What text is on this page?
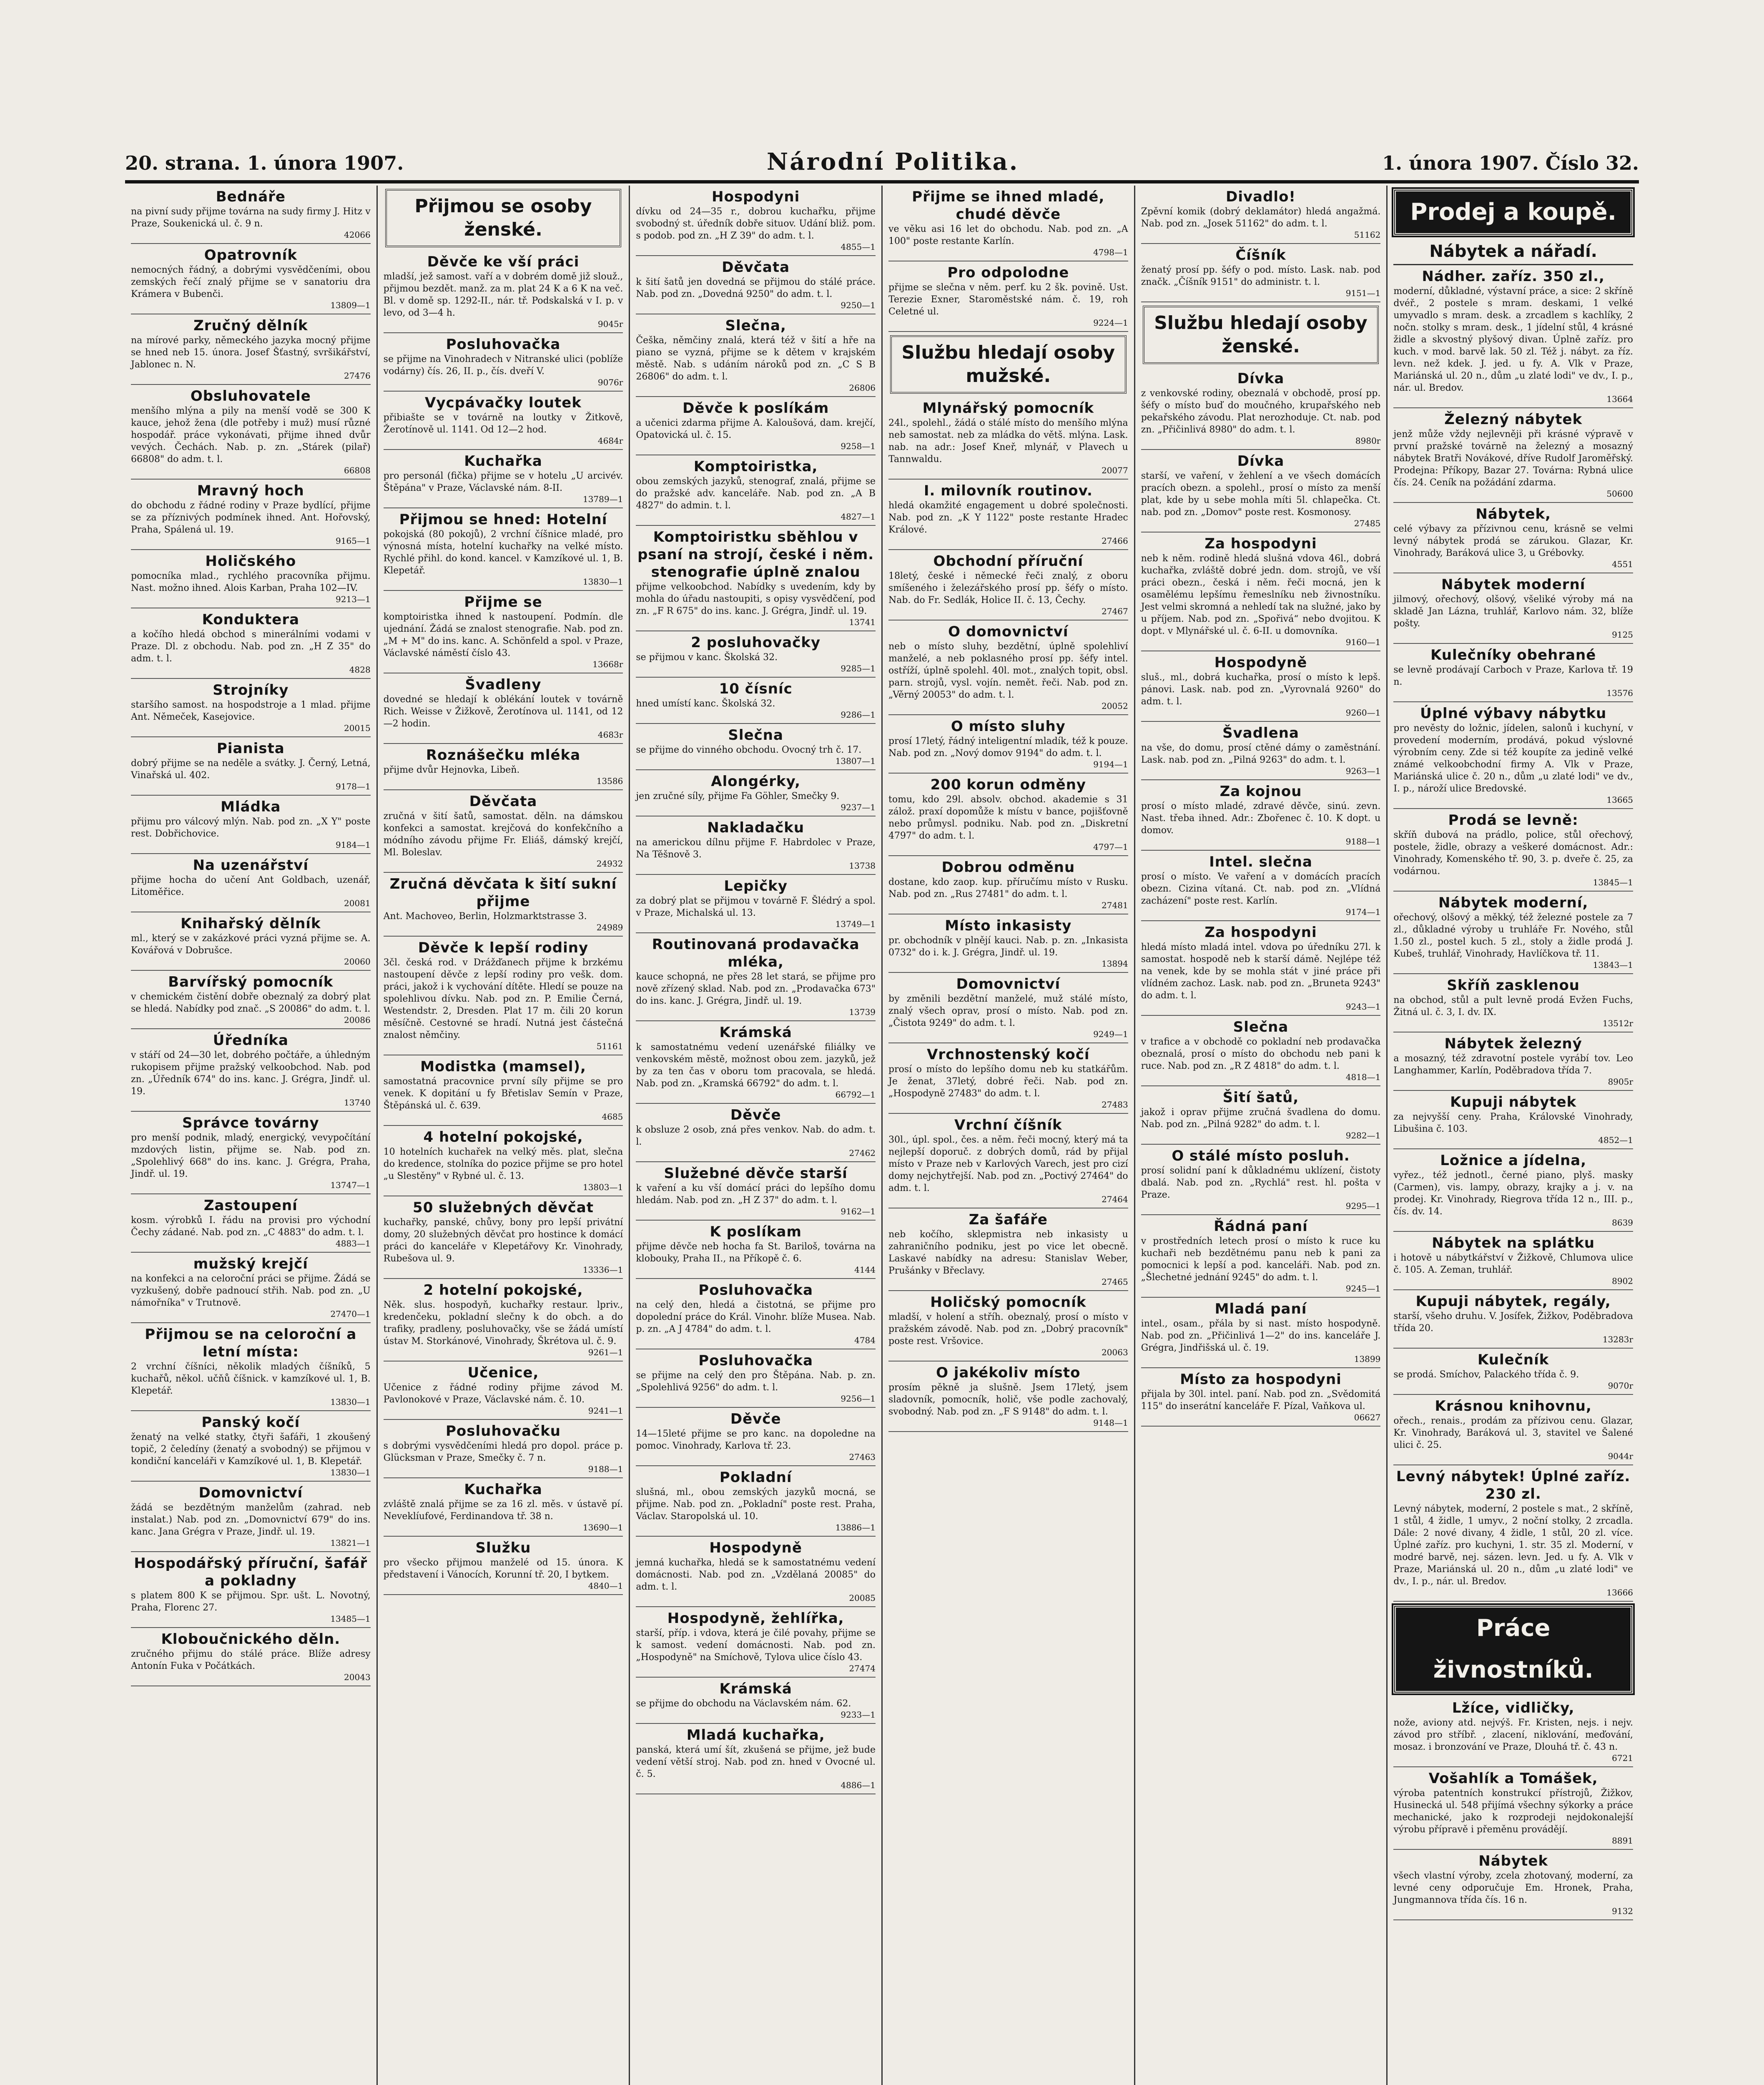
20. strana. 1. února 1907.	Národní Politika.	1. února 1907. Číslo 32.
Bednáře
na pivní sudy přijme továrna na sudy firmy J. Hitz v Praze, Soukenická ul. č. 9 n.
42066
Opatrovník
nemocných řádný, a dobrými vysvědčeními, obou zemských řečí znalý přijme se v sanatoriu dra Krámera v Bubenči.
13809—1
Zručný dělník
na mírové parky, německého jazyka mocný přijme se hned neb 15. února. Josef Šťastný, svršikářství, Jablonec n. N.
27476
Obsluhovatele
menšího mlýna a pily na menší vodě se 300 K kauce, jehož žena (dle potřeby i muž) musí různé hospodář. práce vykonávati, přijme ihned dvůr vevých. Čechách. Nab. p. zn. „Stárek (pilař) 66808" do adm. t. l.
66808
Mravný hoch
do obchodu z řádné rodiny v Praze bydlící, přijme se za příznivých podmínek ihned. Ant. Hořovský, Praha, Spálená ul. 19.
9165—1
Holičského
pomocníka mlad., rychlého pracovníka přijmu. Nast. možno ihned. Alois Karban, Praha 102—IV.
9213—1
Konduktera
a kočího hledá obchod s minerálními vodami v Praze. Dl. z obchodu. Nab. pod zn. „H Z 35" do adm. t. l.
4828
Strojníky
staršího samost. na hospodstroje a 1 mlad. přijme Ant. Němeček, Kasejovice.
20015
Pianista
dobrý přijme se na neděle a svátky. J. Černý, Letná, Vinařská ul. 402.
9178—1
Mládka
přijmu pro válcový mlýn. Nab. pod zn. „X Y" poste rest. Dobřichovice.
9184—1
Na uzenářství
přijme hocha do učení Ant Goldbach, uzenář, Litoměřice.
20081
Knihařský dělník
ml., který se v zakázkové práci vyzná přijme se. A. Kovářová v Dobrušce.
20060
Barvířský pomocník
v chemickém čistění dobře obeznalý za dobrý plat se hledá. Nabídky pod znač. „S 20086" do adm. t. l.
20086
Úředníka
v stáří od 24—30 let, dobrého počtáře, a úhledným rukopisem přijme pražský velkoobchod. Nab. pod zn. „Úředník 674" do ins. kanc. J. Grégra, Jindř. ul. 19.
13740
Správce továrny
pro menší podnik, mladý, energický, vevypočítání mzdových listin, přijme se. Nab. pod zn. „Spolehlivý 668" do ins. kanc. J. Grégra, Praha, Jindř. ul. 19.
13747—1
Zastoupení
kosm. výrobků I. řádu na provisi pro východní Čechy zádané. Nab. pod zn. „C 4883" do adm. t. l.
4883—1
mužský krejčí
na konfekci a na celoroční práci se přijme. Žádá se vyzkušený, dobře padnoucí střih. Nab. pod zn. „U námořníka" v Trutnově.
27470—1
Přijmou se na celoroční a letní místa:
2 vrchní číšníci, několik mladých číšníků, 5 kuchařů, někol. učňů číšnick. v kamzíkové ul. 1, B. Klepetář.
13830—1
Panský kočí
ženatý na velké statky, čtyři šafáři, 1 zkoušený topič, 2 čeledíny (ženatý a svobodný) se přijmou v kondiční kanceláři v Kamzíkové ul. 1, B. Klepetář.
13830—1
Domovnictví
žádá se bezdětným manželům (zahrad. neb instalat.) Nab. pod zn. „Domovnictví 679" do ins. kanc. Jana Grégra v Praze, Jindř. ul. 19.
13821—1
Hospodářský příruční, šafář a pokladny
s platem 800 K se přijmou. Spr. ušt. L. Novotný, Praha, Florenc 27.
13485—1
Kloboučnického děln.
zručného přijmu do stálé práce. Blíže adresy Antonín Fuka v Počátkách.
20043
Přijmou se osoby ženské.
Děvče ke vší práci
mladší, jež samost. vaří a v dobrém domě již slouž., přijmou bezdět. manž. za m. plat 24 K a 6 K na več. Bl. v domě sp. 1292-II., nár. tř. Podskalská v I. p. v levo, od 3—4 h.
9045r
Posluhovačka
se přijme na Vinohradech v Nitranské ulici (poblíže vodárny) čís. 26, II. p., čís. dveří V.
9076r
Vycpávačky loutek
přibiašte se v továrně na loutky v Žitkově, Žerotínově ul. 1141. Od 12—2 hod.
4684r
Kuchařka
pro personál (fička) přijme se v hotelu „U arcivév. Štěpána" v Praze, Václavské nám. 8-II.
13789—1
Přijmou se hned: Hotelní
pokojská (80 pokojů), 2 vrchní číšnice mladé, pro výnosná místa, hotelní kuchařky na velké místo. Rychlé přihl. do kond. kancel. v Kamzíkové ul. 1, B. Klepetář.
13830—1
Přijme se
komptoiristka ihned k nastoupení. Podmín. dle ujednání. Žádá se znalost stenografie. Nab. pod zn. „M + M" do ins. kanc. A. Schönfeld a spol. v Praze, Václavské náměstí číslo 43.
13668r
Švadleny
dovedné se hledají k oblékání loutek v továrně Rich. Weisse v Žižkově, Žerotínova ul. 1141, od 12—2 hodin.
4683r
Roznášečku mléka
přijme dvůr Hejnovka, Libeň.
13586
Děvčata
zručná v šití šatů, samostat. děln. na dámskou konfekci a samostat. krejčová do konfekčního a módního závodu přijme Fr. Eliáš, dámský krejčí, Ml. Boleslav.
24932
Zručná děvčata k šití sukní přijme
Ant. Machoveo, Berlin, Holzmarktstrasse 3.
24989
Děvče k lepší rodiny
3čl. česká rod. v Drážďanech přijme k brzkému nastoupení děvče z lepší rodiny pro vešk. dom. práci, jakož i k vychování dítěte. Hledí se pouze na spolehlivou dívku. Nab. pod zn. P. Emilie Černá, Westendstr. 2, Dresden. Plat 17 m. čili 20 korun měsíčně. Cestovné se hradí. Nutná jest částečná znalost němčiny.
51161
Modistka (mamsel),
samostatná pracovnice první síly přijme se pro venek. K dopitání u fy Břetislav Semín v Praze, Štěpánská ul. č. 639.
4685
4 hotelní pokojské,
10 hotelních kuchařek na velký měs. plat, slečna do kredence, stolníka do pozice přijme se pro hotel „u Slestěny" v Rybné ul. č. 13.
13803—1
50 služebných děvčat
kuchařky, panské, chůvy, bony pro lepší privátní domy, 20 služebných děvčat pro hostince k domácí práci do kanceláře v Klepetářovy Kr. Vinohrady, Rubešova ul. 9.
13336—1
2 hotelní pokojské,
Něk. slus. hospodyň, kuchařky restaur. lpriv., kredenčeku, pokladní slečny k do obch. a do trafiky, pradleny, posluhovačky, vše se žádá umístí ústav M. Storkánové, Vinohrady, Škrétova ul. č. 9.
9261—1
Učenice,
Učenice z řádné rodiny přijme závod M. Pavlonokové v Praze, Václavské nám. č. 10.
9241—1
Posluhovačku
s dobrými vysvědčeními hledá pro dopol. práce p. Glücksman v Praze, Smečky č. 7 n.
9188—1
Kuchařka
zvláště znalá přijme se za 16 zl. měs. v ústavě pí. Neveklíufové, Ferdinandova tř. 38 n.
13690—1
Služku
pro všecko přijmou manželé od 15. února. K představení i Vánocích, Korunní tř. 20, I bytkem.
4840—1
Hospodyni
dívku od 24—35 r., dobrou kuchařku, přijme svobodný st. úředník dobře situov. Udání bliž. pom. s podob. pod zn. „H Z 39" do adm. t. l.
4855—1
Děvčata
k šití šatů jen dovedná se přijmou do stálé práce. Nab. pod zn. „Dovedná 9250" do adm. t. l.
9250—1
Slečna,
Češka, němčiny znalá, která též v šití a hře na piano se vyzná, přijme se k dětem v krajském městě. Nab. s udáním nároků pod zn. „C S B 26806" do adm. t. l.
26806
Děvče k poslíkám
a učenici zdarma přijme A. Kaloušová, dam. krejčí, Opatovická ul. č. 15.
9258—1
Komptoiristka,
obou zemských jazyků, stenograf, znalá, přijme se do pražské adv. kanceláře. Nab. pod zn. „A B 4827" do admin. t. l.
4827—1
Komptoiristku sběhlou v psaní na strojí, české i něm. stenografie úplně znalou
přijme velkoobchod. Nabídky s uvedením, kdy by mohla do úřadu nastoupiti, s opisy vysvědčení, pod zn. „F R 675" do ins. kanc. J. Grégra, Jindř. ul. 19.
13741
2 posluhovačky
se přijmou v kanc. Školská 32.
9285—1
10 čísníc
hned umístí kanc. Školská 32.
9286—1
Slečna
se přijme do vinného obchodu. Ovocný trh č. 17.
13807—1
Alongérky,
jen zručné síly, přijme Fa Göhler, Smečky 9.
9237—1
Nakladačku
na americkou dílnu přijme F. Habrdolec v Praze, Na Těšnově 3.
13738
Lepičky
za dobrý plat se přijmou v továrně F. Šlédrý a spol. v Praze, Michalská ul. 13.
13749—1
Routinovaná prodavačka mléka,
kauce schopná, ne přes 28 let stará, se přijme pro nově zřízený sklad. Nab. pod zn. „Prodavačka 673" do ins. kanc. J. Grégra, Jindř. ul. 19.
13739
Krámská
k samostatnému vedení uzenářské filiálky ve venkovském městě, možnost obou zem. jazyků, jež by za ten čas v oboru tom pracovala, se hledá. Nab. pod zn. „Kramská 66792" do adm. t. l.
66792—1
Děvče
k obsluze 2 osob, zná přes venkov. Nab. do adm. t. l.
27462
Služebné děvče starší
k vaření a ku vší domácí práci do lepšího domu hledám. Nab. pod zn. „H Z 37" do adm. t. l.
9162—1
K poslíkam
přijme děvče neb hocha fa St. Bariloš, továrna na klobouky, Praha II., na Příkopě č. 6.
4144
Posluhovačka
na celý den, hledá a čistotná, se přijme pro dopolední práce do Král. Vinohr. blíže Musea. Nab. p. zn. „A J 4784" do adm. t. l.
4784
Posluhovačka
se přijme na celý den pro Štěpána. Nab. p. zn. „Spolehlivá 9256" do adm. t. l.
9256—1
Děvče
14—15leté přijme se pro kanc. na dopoledne na pomoc. Vinohrady, Karlova tř. 23.
27463
Pokladní
slušná, ml., obou zemských jazyků mocná, se přijme. Nab. pod zn. „Pokladní" poste rest. Praha, Václav. Staropolská ul. 10.
13886—1
Hospodyně
jemná kuchařka, hledá se k samostatnému vedení domácnosti. Nab. pod zn. „Vzdělaná 20085" do adm. t. l.
20085
Hospodyně, žehlířka,
starší, příp. i vdova, která je čilé povahy, přijme se k samost. vedení domácnosti. Nab. pod zn. „Hospodyně" na Smíchově, Tylova ulice číslo 43.
27474
Krámská
se přijme do obchodu na Václavském nám. 62.
9233—1
Mladá kuchařka,
panská, která umí šít, zkušená se přijme, jež bude vedení větší stroj. Nab. pod zn. hned v Ovocné ul. č. 5.
4886—1
Přijme se ihned mladé, chudé děvče
ve věku asi 16 let do obchodu. Nab. pod zn. „A 100" poste restante Karlín.
4798—1
Pro odpolodne
přijme se slečna v něm. perf. ku 2 šk. povině. Ust. Terezie Exner, Staroměstské nám. č. 19, roh Celetné ul.
9224—1
Službu hledají osoby mužské.
Mlynářský pomocník
24l., spolehl., žádá o stálé místo do menšího mlýna neb samostat. neb za mládka do větš. mlýna. Lask. nab. na adr.: Josef Kneř, mlynář, v Plavech u Tannwaldu.
20077
I. milovník routinov.
hledá okamžité engagement u dobré společnosti. Nab. pod zn. „K Y 1122" poste restante Hradec Králové.
27466
Obchodní příruční
18letý, české i německé řeči znalý, z oboru smíšeného i železářského prosí pp. šéfy o místo. Nab. do Fr. Sedlák, Holice II. č. 13, Čechy.
27467
O domovnictví
neb o místo sluhy, bezdětní, úplně spolehliví manželé, a neb poklasného prosí pp. šéfy intel. ostříží, úplně spolehl. 40l. mot., znalých topit, obsl. parn. strojů, vysl. vojín. nemět. řeči. Nab. pod zn. „Věrný 20053" do adm. t. l.
20052
O místo sluhy
prosí 17letý, řádný inteligentní mladík, též k pouze. Nab. pod zn. „Nový domov 9194" do adm. t. l.
9194—1
200 korun odměny
tomu, kdo 29l. absolv. obchod. akademie s 31 zálož. praxí dopomůže k místu v bance, pojišťovně nebo průmysl. podniku. Nab. pod zn. „Diskretní 4797" do adm. t. l.
4797—1
Dobrou odměnu
dostane, kdo zaop. kup. příručímu místo v Rusku. Nab. pod zn. „Rus 27481" do adm. t. l.
27481
Místo inkasisty
pr. obchodník v plnějí kauci. Nab. p. zn. „Inkasista 0732" do i. k. J. Grégra, Jindř. ul. 19.
13894
Domovnictví
by změnili bezdětní manželé, muž stálé místo, znalý všech oprav, prosí o místo. Nab. pod zn. „Čistota 9249" do adm. t. l.
9249—1
Vrchnostenský kočí
prosí o místo do lepšího domu neb ku statkářům. Je ženat, 37letý, dobré řeči. Nab. pod zn. „Hospodyně 27483" do adm. t. l.
27483
Vrchní číšník
30l., úpl. spol., čes. a něm. řeči mocný, který má ta nejlepší doporuč. z dobrých domů, rád by přijal místo v Praze neb v Karlových Varech, jest pro cizí domy nejchytřejší. Nab. pod zn. „Poctivý 27464" do adm. t. l.
27464
Za šafáře
neb kočího, sklepmistra neb inkasisty u zahraničního podniku, jest po vice let obecně. Laskavé nabídky na adresu: Stanislav Weber, Prušánky v Břeclavy.
27465
Holičský pomocník
mladší, v holení a stříh. obeznalý, prosí o místo v pražském závodě. Nab. pod zn. „Dobrý pracovník" poste rest. Vršovice.
20063
O jakékoliv místo
prosím pěkně ja slušně. Jsem 17letý, jsem sladovník, pomocník, holič, vše podle zachovalý, svobodný. Nab. pod zn. „F S 9148" do adm. t. l.
9148—1
Divadlo!
Zpěvní komik (dobrý deklamátor) hledá angažmá. Nab. pod zn. „Josek 51162" do adm. t. l.
51162
Číšník
ženatý prosí pp. šéfy o pod. místo. Lask. nab. pod značk. „Číšník 9151" do administr. t. l.
9151—1
Službu hledají osoby ženské.
Dívka
z venkovské rodiny, obeznalá v obchodě, prosí pp. šéfy o místo buď do moučného, krupařského neb pekařského závodu. Plat nerozhoduje. Ct. nab. pod zn. „Přičinlivá 8980" do adm. t. l.
8980r
Dívka
starší, ve vaření, v žehlení a ve všech domácích pracích obezn. a spolehl., prosí o místo za menší plat, kde by u sebe mohla míti 5l. chlapečka. Ct. nab. pod zn. „Domov" poste rest. Kosmonosy.
27485
Za hospodyni
neb k něm. rodině hledá slušná vdova 46l., dobrá kuchařka, zvláště dobré jedn. dom. strojů, ve vší práci obezn., česká i něm. řeči mocná, jen k osamělému lepšímu řemeslníku neb živnostníku. Jest velmi skromná a nehledí tak na služné, jako by u příjem. Nab. pod zn. „Spořivá“ nebo dvojitou. K dopt. v Mlynářské ul. č. 6-II. u domovníka.
9160—1
Hospodyně
sluš., ml., dobrá kuchařka, prosí o místo k lepš. pánovi. Lask. nab. pod zn. „Vyrovnalá 9260" do adm. t. l.
9260—1
Švadlena
na vše, do domu, prosí ctěné dámy o zaměstnání. Lask. nab. pod zn. „Pilná 9263" do adm. t. l.
9263—1
Za kojnou
prosí o místo mladé, zdravé děvče, sinú. zevn. Nast. třeba ihned. Adr.: Zbořenec č. 10. K dopt. u domov.
9188—1
Intel. slečna
prosí o místo. Ve vaření a v domácích pracích obezn. Cizina vítaná. Ct. nab. pod zn. „Vlídná zacházení" poste rest. Karlín.
9174—1
Za hospodyni
hledá místo mladá intel. vdova po úředníku 27l. k samostat. hospodě neb k starší dámě. Nejlépe též na venek, kde by se mohla stát v jiné práce při vlídném zachoz. Lask. nab. pod zn. „Bruneta 9243" do adm. t. l.
9243—1
Slečna
v trafice a v obchodě co pokladní neb prodavačka obeznalá, prosí o místo do obchodu neb pani k ruce. Nab. pod zn. „R Z 4818" do adm. t. l.
4818—1
Šití šatů,
jakož i oprav přijme zručná švadlena do domu. Nab. pod zn. „Pilná 9282" do adm. t. l.
9282—1
O stálé místo posluh.
prosí solidní paní k důkladnému uklízení, čistoty dbalá. Nab. pod zn. „Rychlá" rest. hl. pošta v Praze.
9295—1
Řádná paní
v prostředních letech prosí o místo k ruce ku kuchaři neb bezdětnému panu neb k pani za pomocnici k lepší a pod. kanceláři. Nab. pod zn. „Šlechetné jednání 9245" do adm. t. l.
9245—1
Mladá paní
intel., osam., přála by si nast. místo hospodyně. Nab. pod zn. „Přičinlivá 1—2" do ins. kanceláře J. Grégra, Jindřišská ul. č. 19.
13899
Místo za hospodyni
přijala by 30l. intel. paní. Nab. pod zn. „Svědomitá 115" do inserátní kanceláře F. Pízal, Vaňkova ul.
06627
Prodej a koupě.
Nábytek a nářadí.
Nádher. zaříz. 350 zl.,
moderní, důkladné, výstavní práce, a sice: 2 skříně dvéř., 2 postele s mram. deskami, 1 velké umyvadlo s mram. desk. a zrcadlem s kachlíky, 2 nočn. stolky s mram. desk., 1 jídelní stůl, 4 krásné židle a skvostný plyšový divan. Úplně zaříz. pro kuch. v mod. barvě lak. 50 zl. Též j. nábyt. za říz. levn. než kdek. J. jed. u fy. A. Vlk v Praze, Mariánská ul. 20 n., dům „u zlaté lodi" ve dv., I. p., nár. ul. Bredov.
13664
Železný nábytek
jenž může vždy nejlevněji při krásné výpravě v první pražské továrně na železný a mosazný nábytek Bratři Novákové, dříve Rudolf Jaroměřský. Prodejna: Příkopy, Bazar 27. Továrna: Rybná ulice čís. 24. Ceník na požádání zdarma.
50600
Nábytek,
celé výbavy za přízivnou cenu, krásně se velmi levný nábytek prodá se zárukou. Glazar, Kr. Vinohrady, Baráková ulice 3, u Grébovky.
4551
Nábytek moderní
jilmový, ořechový, olšový, všeliké výroby má na skladě Jan Lázna, truhlář, Karlovo nám. 32, blíže pošty.
9125
Kulečníky obehrané
se levně prodávají Carboch v Praze, Karlova tř. 19 n.
13576
Úplné výbavy nábytku
pro nevěsty do ložnic, jídelen, salonů i kuchyní, v provedení moderním, prodává, pokud výslovné výrobním ceny. Zde si též koupíte za jedině velké známé velkoobchodní firmy A. Vlk v Praze, Mariánská ulice č. 20 n., dům „u zlaté lodi" ve dv., I. p., nároží ulice Bredovské.
13665
Prodá se levně:
skříň dubová na prádlo, police, stůl ořechový, postele, židle, obrazy a veškeré domácnost. Adr.: Vinohrady, Komenského tř. 90, 3. p. dveře č. 25, za vodárnou.
13845—1
Nábytek moderní,
ořechový, olšový a měkký, též železné postele za 7 zl., důkladné výroby u truhláře Fr. Nového, stůl 1.50 zl., postel kuch. 5 zl., stoly a židle prodá J. Kubeš, truhlář, Vinohrady, Havlíčkova tř. 11.
13843—1
Skříň zasklenou
na obchod, stůl a pult levně prodá Evžen Fuchs, Žitná ul. č. 3, I. dv. IX.
13512r
Nábytek železný
a mosazný, též zdravotní postele vyrábí tov. Leo Langhammer, Karlín, Poděbradova třída 7.
8905r
Kupuji nábytek
za nejvyšší ceny. Praha, Královské Vinohrady, Libušina č. 103.
4852—1
Ložnice a jídelna,
vyřez., též jednotl., černé piano, plyš. masky (Carmen), vis. lampy, obrazy, krajky a j. v. na prodej. Kr. Vinohrady, Riegrova třída 12 n., III. p., čís. dv. 14.
8639
Nábytek na splátku
i hotově u nábytkářství v Žižkově, Chlumova ulice č. 105. A. Zeman, truhlář.
8902
Kupuji nábytek, regály,
starší, všeho druhu. V. Josífek, Žižkov, Poděbradova třída 20.
13283r
Kulečník
se prodá. Smíchov, Palackého třída č. 9.
9070r
Krásnou knihovnu,
ořech., renais., prodám za přízivou cenu. Glazar, Kr. Vinohrady, Baráková ul. 3, stavitel ve Šalené ulici č. 25.
9044r
Levný nábytek! Úplné zaříz. 230 zl.
Levný nábytek, moderní, 2 postele s mat., 2 skříně, 1 stůl, 4 židle, 1 umyv., 2 noční stolky, 2 zrcadla. Dále: 2 nové divany, 4 židle, 1 stůl, 20 zl. více. Úplné zaříz. pro kuchyni, 1. str. 35 zl. Moderní, v modré barvě, nej. sázen. levn. Jed. u fy. A. Vlk v Praze, Mariánská ul. 20 n., dům „u zlaté lodi" ve dv., I. p., nár. ul. Bredov.
13666
Práce živnostníků.
Lžíce, vidličky,
nože, aviony atd. nejvýš. Fr. Kristen, nejs. i nejv. závod pro stříbř. , zlacení, niklování, meďování, mosaz. i bronzování ve Praze, Dlouhá tř. č. 43 n.
6721
Vošahlík a Tomášek,
výroba patentních konstrukcí přístrojů, Žižkov, Husinecká ul. 548 přijímá všechny sýkorky a práce mechanické, jako k rozprodeji nejdokonalejší výrobu přípravě i přeměnu provádějí.
8891
Nábytek
všech vlastní výroby, zcela zhotovaný, moderní, za levné ceny odporučuje Em. Hronek, Praha, Jungmannova třída čís. 16 n.
9132
